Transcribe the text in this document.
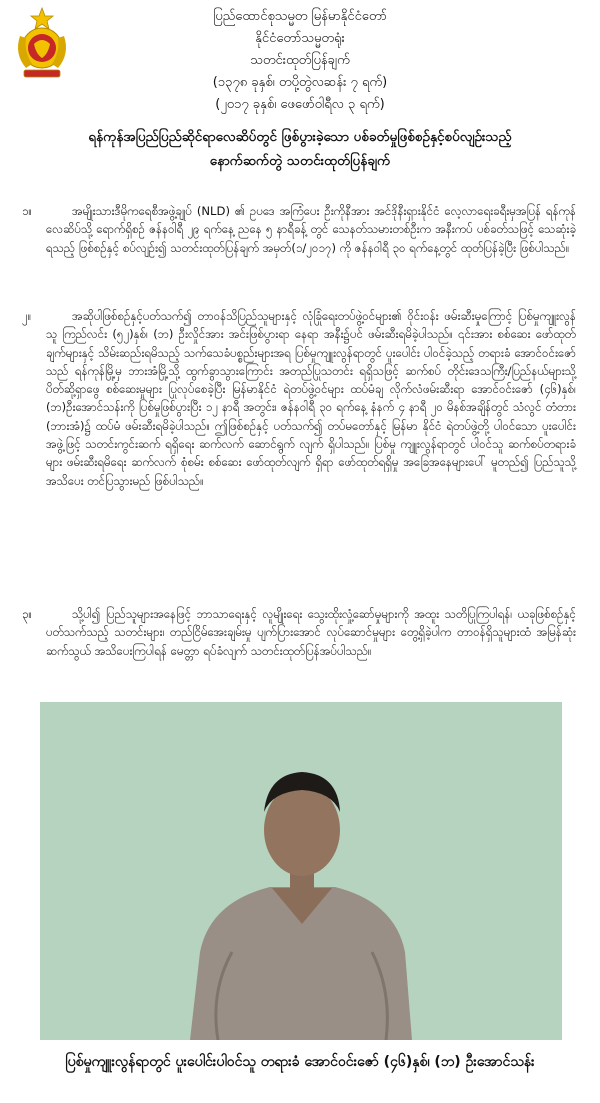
ပြည်ထောင်စုသမ္မတ မြန်မာနိုင်ငံတော်
နိုင်ငံတော်သမ္မတရုံး
သတင်းထုတ်ပြန်ချက်
(၁၃၇၈ ခုနှစ်၊ တပို့တွဲလဆန်း ၇ ရက်)
(၂၀၁၇ ခုနှစ်၊ ဖေဖော်ဝါရီလ ၃ ရက်)
ရန်ကုန်အပြည်ပြည်ဆိုင်ရာလေဆိပ်တွင် ဖြစ်ပွားခဲ့သော ပစ်ခတ်မှုဖြစ်စဉ်နှင့်စပ်လျဉ်းသည့်
နောက်ဆက်တွဲ သတင်းထုတ်ပြန်ချက်
၁။	အမျိုးသားဒီမိုကရေစီအဖွဲ့ချုပ် (NLD) ၏ ဥပဒေ အကြံပေး ဦးကိုနီအား အင်ဒိုနီးရှားနိုင်ငံ လေ့လာရေးခရီးမှအပြန် ရန်ကုန်လေဆိပ်သို့ ရောက်ရှိစဉ် ဇန်နဝါရီ ၂၉ ရက်နေ့ ညနေ ၅ နာရီခန့် တွင် သေနတ်သမားတစ်ဦးက အနီးကပ် ပစ်ခတ်သဖြင့် သေဆုံးခဲ့ရသည့် ဖြစ်စဉ်နှင့် စပ်လျဉ်း၍ သတင်းထုတ်ပြန်ချက် အမှတ်(၁/၂၀၁၇) ကို ဇန်နဝါရီ ၃၀ ရက်နေ့တွင် ထုတ်ပြန်ခဲ့ပြီး ဖြစ်ပါသည်။

၂။	အဆိုပါဖြစ်စဉ်နှင့်ပတ်သက်၍ တာဝန်သိပြည်သူများနှင့် လုံခြုံရေးတပ်ဖွဲ့ဝင်များ၏ ဝိုင်းဝန်း ဖမ်းဆီးမှုကြောင့် ပြစ်မှုကျူးလွန်သူ ကြည်လင်း (၅၂)နှစ်၊ (ဘ) ဦးလှိုင်အား အင်းဖြစ်ပွားရာ နေရာ အနီး၌ပင် ဖမ်းဆီးရမိခဲ့ပါသည်။ ၎င်းအား စစ်ဆေး ဖော်ထုတ်ချက်များနှင့် သိမ်းဆည်းရမိသည့် သက်သေခံပစ္စည်းများအရ ပြစ်မှုကျူးလွန်ရာတွင် ပူးပေါင်း ပါဝင်ခဲ့သည့် တရားခံ အောင်ဝင်းဇော် သည် ရန်ကုန်မြို့မှ ဘားအံမြို့သို့ ထွက်ခွာသွားကြောင်း အတည်ပြုသတင်း ရရှိသဖြင့် ဆက်စပ် တိုင်းဒေသကြီး/ပြည်နယ်များသို့ ပိတ်ဆို့ရှာဖွေ စစ်ဆေးမှုများ ပြုလုပ်စေခဲ့ပြီး မြန်မာနိုင်ငံ ရဲတပ်ဖွဲ့ဝင်များ ထပ်မံချ လိုက်လံဖမ်းဆီးရာ အောင်ဝင်းဇော် (၄၆)နှစ်၊ (ဘ)ဦးအောင်သန်းကို ပြစ်မှုဖြစ်ပွားပြီး ၁၂ နာရီ အတွင်း၊ ဇန်နဝါရီ ၃၀ ရက်နေ့ နံနက် ၄ နာရီ ၂၀ မိနစ်အချိန်တွင် သံလွင် တံတား (ဘားအံ)၌ ထပ်မံ ဖမ်းဆီးရမိခဲ့ပါသည်။ ဤဖြစ်စဉ်နှင့် ပတ်သက်၍ တပ်မတော်နှင့် မြန်မာ နိုင်ငံ ရဲတပ်ဖွဲ့တို့ ပါဝင်သော ပူးပေါင်းအဖွဲ့ဖြင့် သတင်းကွင်းဆက် ရရှိရေး ဆက်လက် ဆောင်ရွက် လျက် ရှိပါသည်။ ပြစ်မှု ကျူးလွန်ရာတွင် ပါဝင်သူ ဆက်စပ်တရားခံများ ဖမ်းဆီးရမိရေး ဆက်လက် စုံစမ်း စစ်ဆေး ဖော်ထုတ်လျက် ရှိရာ ဖော်ထုတ်ရရှိမှု အခြေအနေများပေါ် မူတည်၍ ပြည်သူသို့ အသိပေး တင်ပြသွားမည် ဖြစ်ပါသည်။

၃။	သို့ပါ၍ ပြည်သူများအနေဖြင့် ဘာသာရေးနှင့် လူမျိုးရေး သွေးထိုးလှုံ့ဆော်မှုများကို အထူး သတိပြုကြပါရန်၊ ယခုဖြစ်စဉ်နှင့်ပတ်သက်သည့် သတင်းများ၊ တည်ငြိမ်အေးချမ်းမှု ပျက်ပြားအောင် လုပ်ဆောင်မှုများ တွေ့ရှိခဲ့ပါက တာဝန်ရှိသူများထံ အမြန်ဆုံး ဆက်သွယ် အသိပေးကြပါရန် မေတ္တာ ရပ်ခံလျက် သတင်းထုတ်ပြန်အပ်ပါသည်။

ပြစ်မှုကျူးလွန်ရာတွင် ပူးပေါင်းပါဝင်သူ တရားခံ အောင်ဝင်းဇော် (၄၆)နှစ်၊ (ဘ) ဦးအောင်သန်း
